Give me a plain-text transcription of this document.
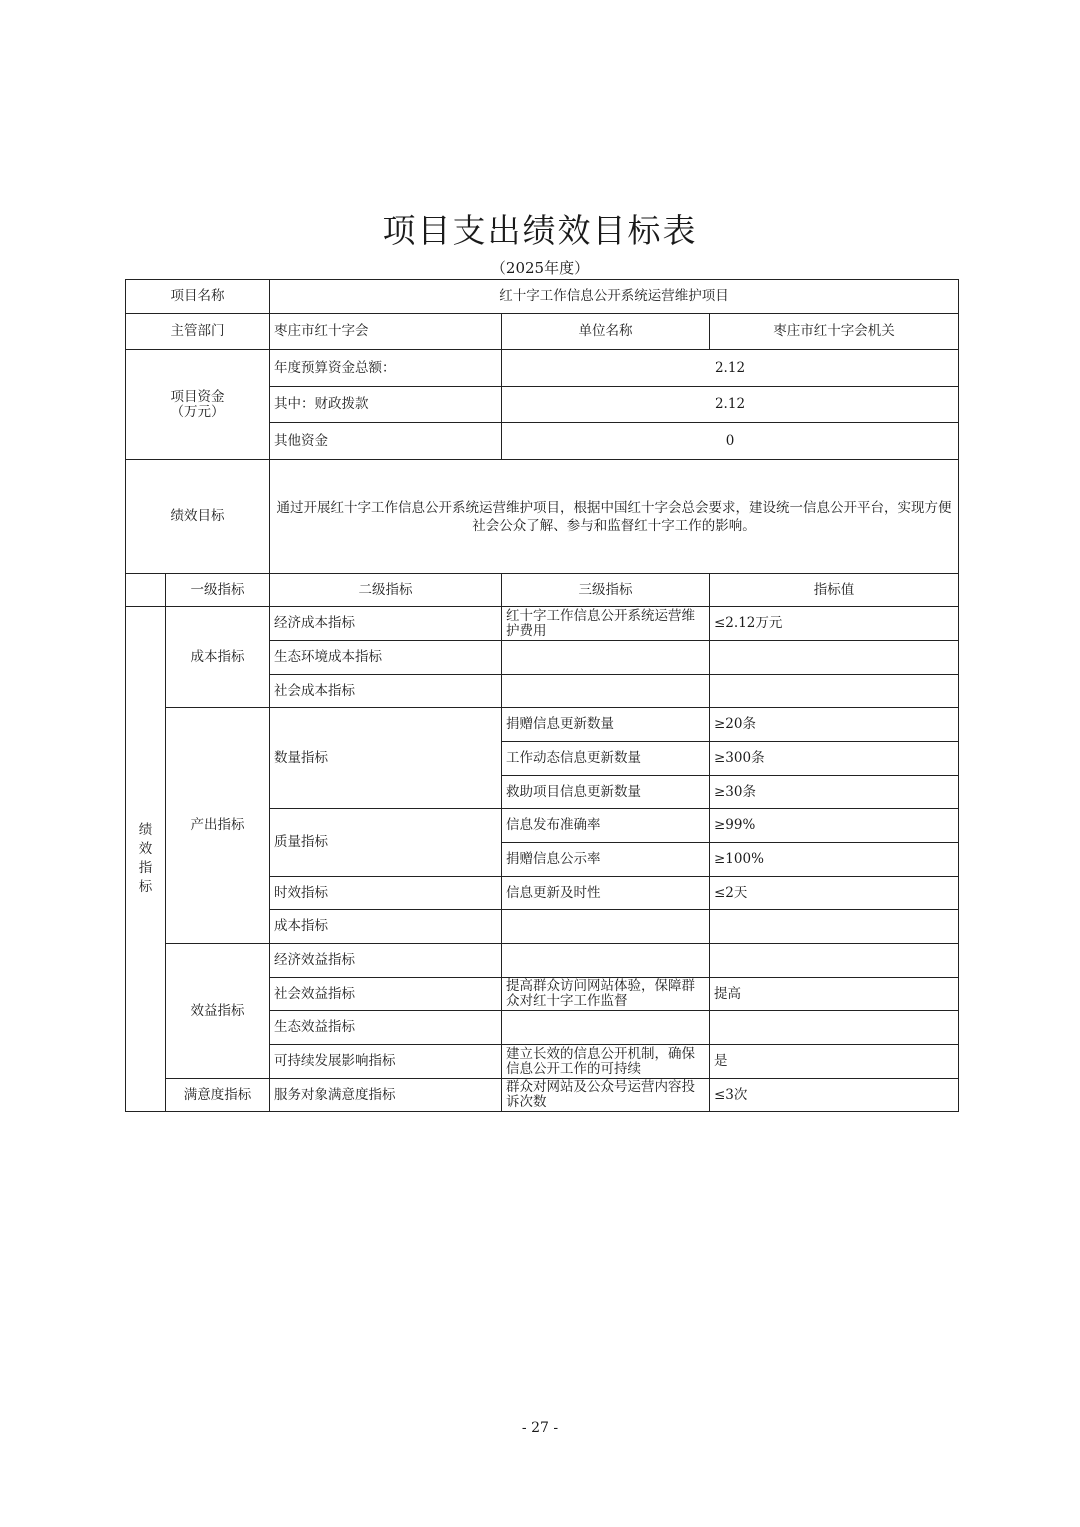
项目支出绩效目标表
（2025年度）
项目名称		红十字工作信息公开系统运营维护项目		
主管部门		枣庄市红十字会	单位名称	枣庄市红十字会机关
项目资金
（万元）		年度预算资金总额：	2.12	
		其中：财政拨款	2.12	
		其他资金	0	
绩效目标		通过开展红十字工作信息公开系统运营维护项目，根据中国红十字会总会要求，建设统一信息公开平台，实现方便社会公众了解、参与和监督红十字工作的影响。		
	一级指标	二级指标	三级指标	指标值

绩
效
指
标	成本指标	经济成本指标	红十字工作信息公开系统运营维护费用	≤2.12万元
		生态环境成本指标		
		社会成本指标		
	产出指标	数量指标	捐赠信息更新数量	≥20条
			工作动态信息更新数量	≥300条
			救助项目信息更新数量	≥30条
		质量指标	信息发布准确率	≥99%
			捐赠信息公示率	≥100%
		时效指标	信息更新及时性	≤2天
		成本指标		
	效益指标	经济效益指标		
		社会效益指标	提高群众访问网站体验，保障群众对红十字工作监督	提高
		生态效益指标		
		可持续发展影响指标	建立长效的信息公开机制，确保信息公开工作的可持续	是
	满意度指标	服务对象满意度指标	群众对网站及公众号运营内容投诉次数	≤3次
- 27 -
